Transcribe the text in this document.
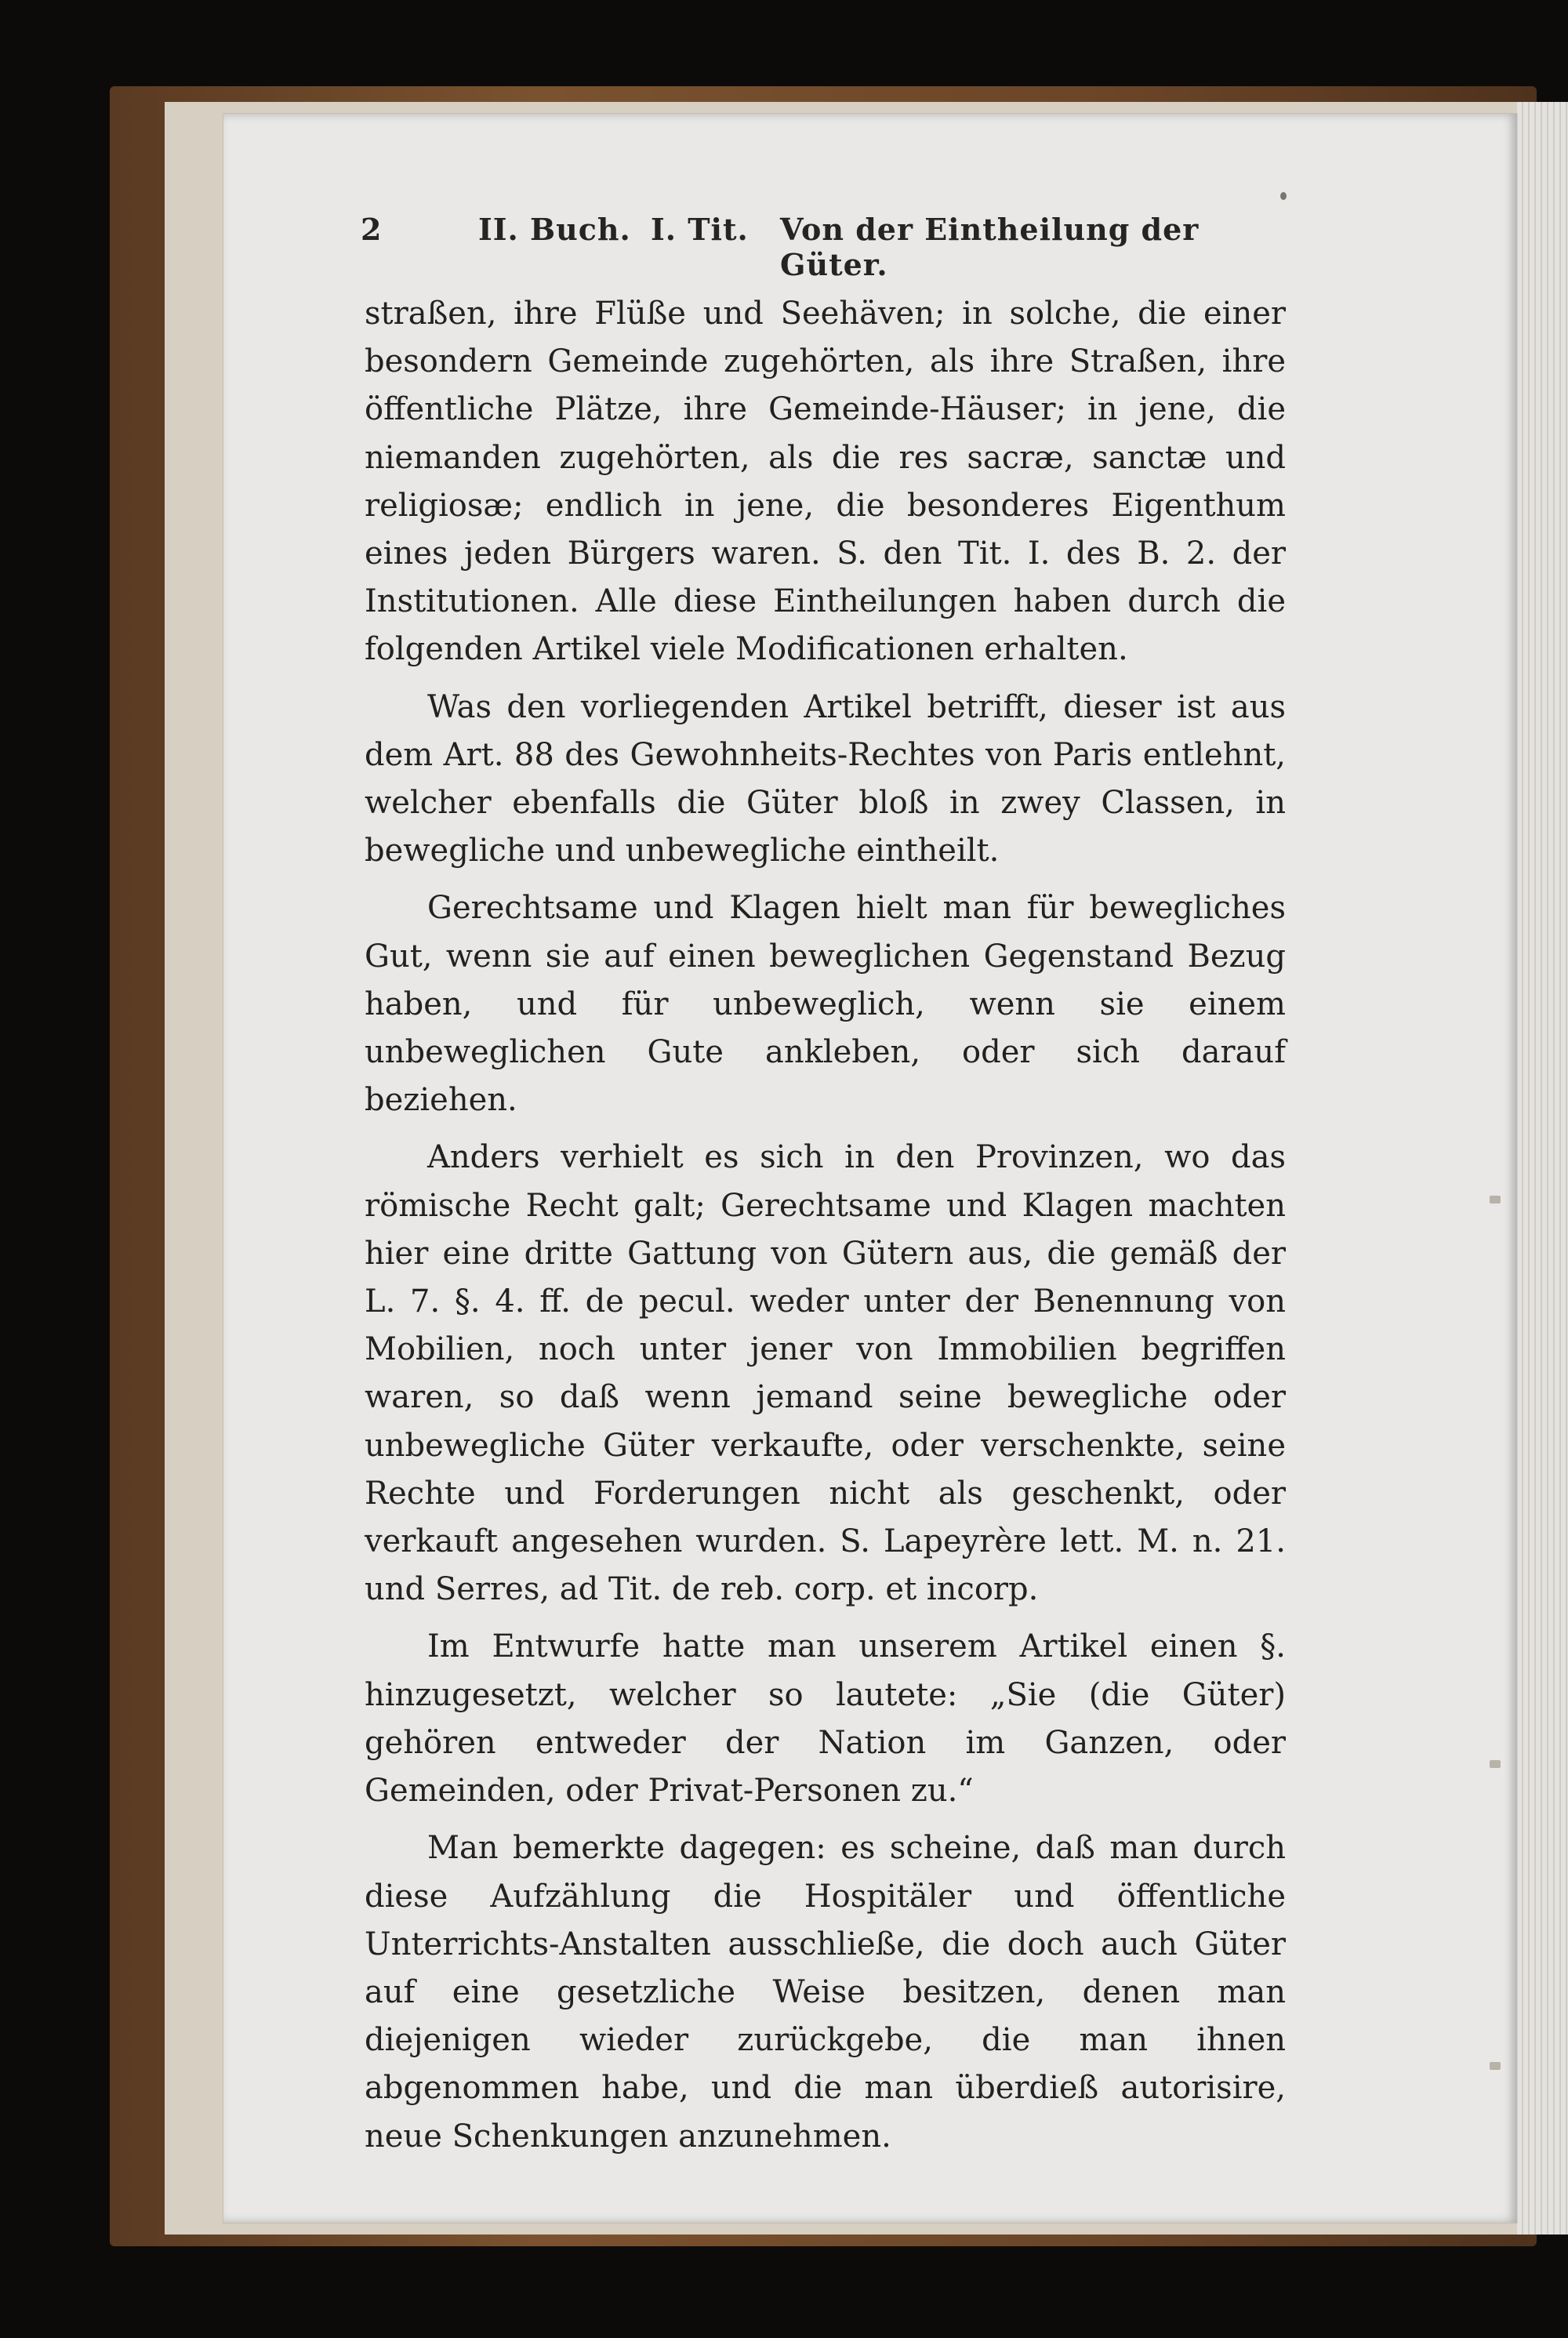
2	II. Buch. I. Tit. Von der Eintheilung der Güter.

straßen, ihre Flüße und Seehäven; in solche, die einer besondern Gemeinde zugehörten, als ihre Straßen, ihre öffentliche Plätze, ihre Gemeinde-Häuser; in jene, die niemanden zugehörten, als die res sacræ, sanctæ und religiosæ; endlich in jene, die besonderes Eigenthum eines jeden Bürgers waren. S. den Tit. I. des B. 2. der Institutionen. Alle diese Eintheilungen haben durch die folgenden Artikel viele Modificationen erhalten.

Was den vorliegenden Artikel betrifft, dieser ist aus dem Art. 88 des Gewohnheits-Rechtes von Paris entlehnt, welcher ebenfalls die Güter bloß in zwey Classen, in bewegliche und unbewegliche eintheilt.

Gerechtsame und Klagen hielt man für bewegliches Gut, wenn sie auf einen beweglichen Gegenstand Bezug haben, und für unbeweglich, wenn sie einem unbeweglichen Gute ankleben, oder sich darauf beziehen.

Anders verhielt es sich in den Provinzen, wo das römische Recht galt; Gerechtsame und Klagen machten hier eine dritte Gattung von Gütern aus, die gemäß der L. 7. §. 4. ff. de pecul. weder unter der Benennung von Mobilien, noch unter jener von Immobilien begriffen waren, so daß wenn jemand seine bewegliche oder unbewegliche Güter verkaufte, oder verschenkte, seine Rechte und Forderungen nicht als geschenkt, oder verkauft angesehen wurden. S. Lapeyrère lett. M. n. 21. und Serres, ad Tit. de reb. corp. et incorp.

Im Entwurfe hatte man unserem Artikel einen §. hinzugesetzt, welcher so lautete: „Sie (die Güter) gehören entweder der Nation im Ganzen, oder Gemeinden, oder Privat-Personen zu.“

Man bemerkte dagegen: es scheine, daß man durch diese Aufzählung die Hospitäler und öffentliche Unterrichts-Anstalten ausschließe, die doch auch Güter auf eine gesetzliche Weise besitzen, denen man diejenigen wieder zurückgebe, die man ihnen abgenommen habe, und die man überdieß autorisire, neue Schenkungen anzunehmen.
